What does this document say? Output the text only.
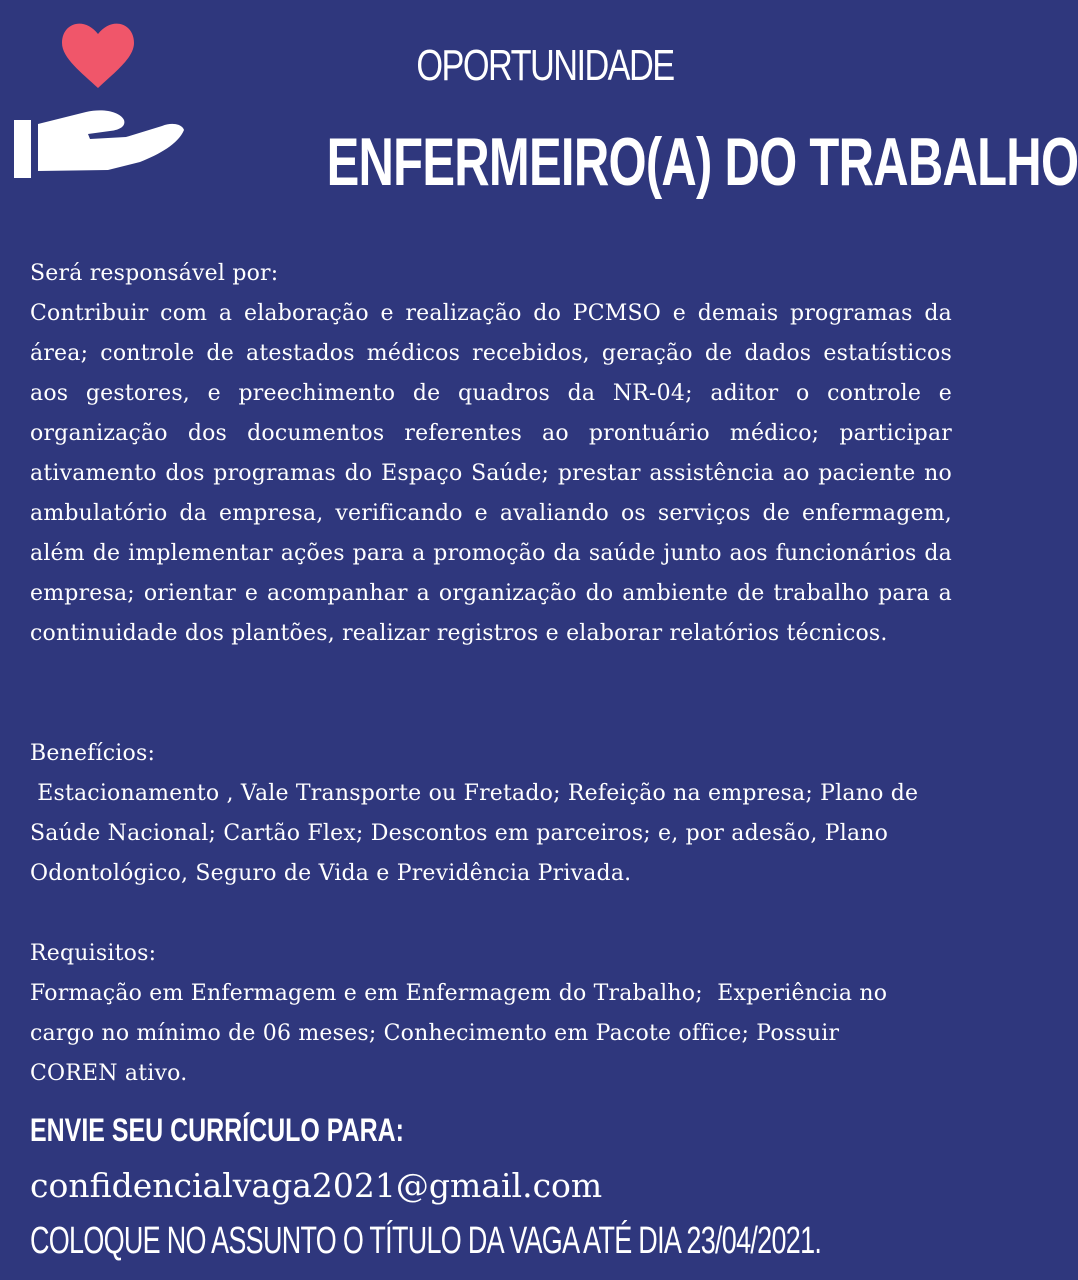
OPORTUNIDADE
ENFERMEIRO(A) DO TRABALHO
Será responsável por:
Contribuir com a elaboração e realização do PCMSO e demais programas da área; controle de atestados médicos recebidos, geração de dados estatísticos aos gestores, e preechimento de quadros da NR-04; aditor o controle e organização dos documentos referentes ao prontuário médico; participar ativamento dos programas do Espaço Saúde; prestar assistência ao paciente no ambulatório da empresa, verificando e avaliando os serviços de enfermagem, além de implementar ações para a promoção da saúde junto aos funcionários da empresa; orientar e acompanhar a organização do ambiente de trabalho para a continuidade dos plantões, realizar registros e elaborar relatórios técnicos.
Benefícios:
Estacionamento , Vale Transporte ou Fretado; Refeição na empresa; Plano de
Saúde Nacional; Cartão Flex; Descontos em parceiros; e, por adesão, Plano
Odontológico, Seguro de Vida e Previdência Privada.
Requisitos:
Formação em Enfermagem e em Enfermagem do Trabalho;  Experiência no
cargo no mínimo de 06 meses; Conhecimento em Pacote office; Possuir
COREN ativo.
ENVIE SEU CURRÍCULO PARA:
confidencialvaga2021@gmail.com
COLOQUE NO ASSUNTO O TÍTULO DA VAGA ATÉ DIA 23/04/2021.
